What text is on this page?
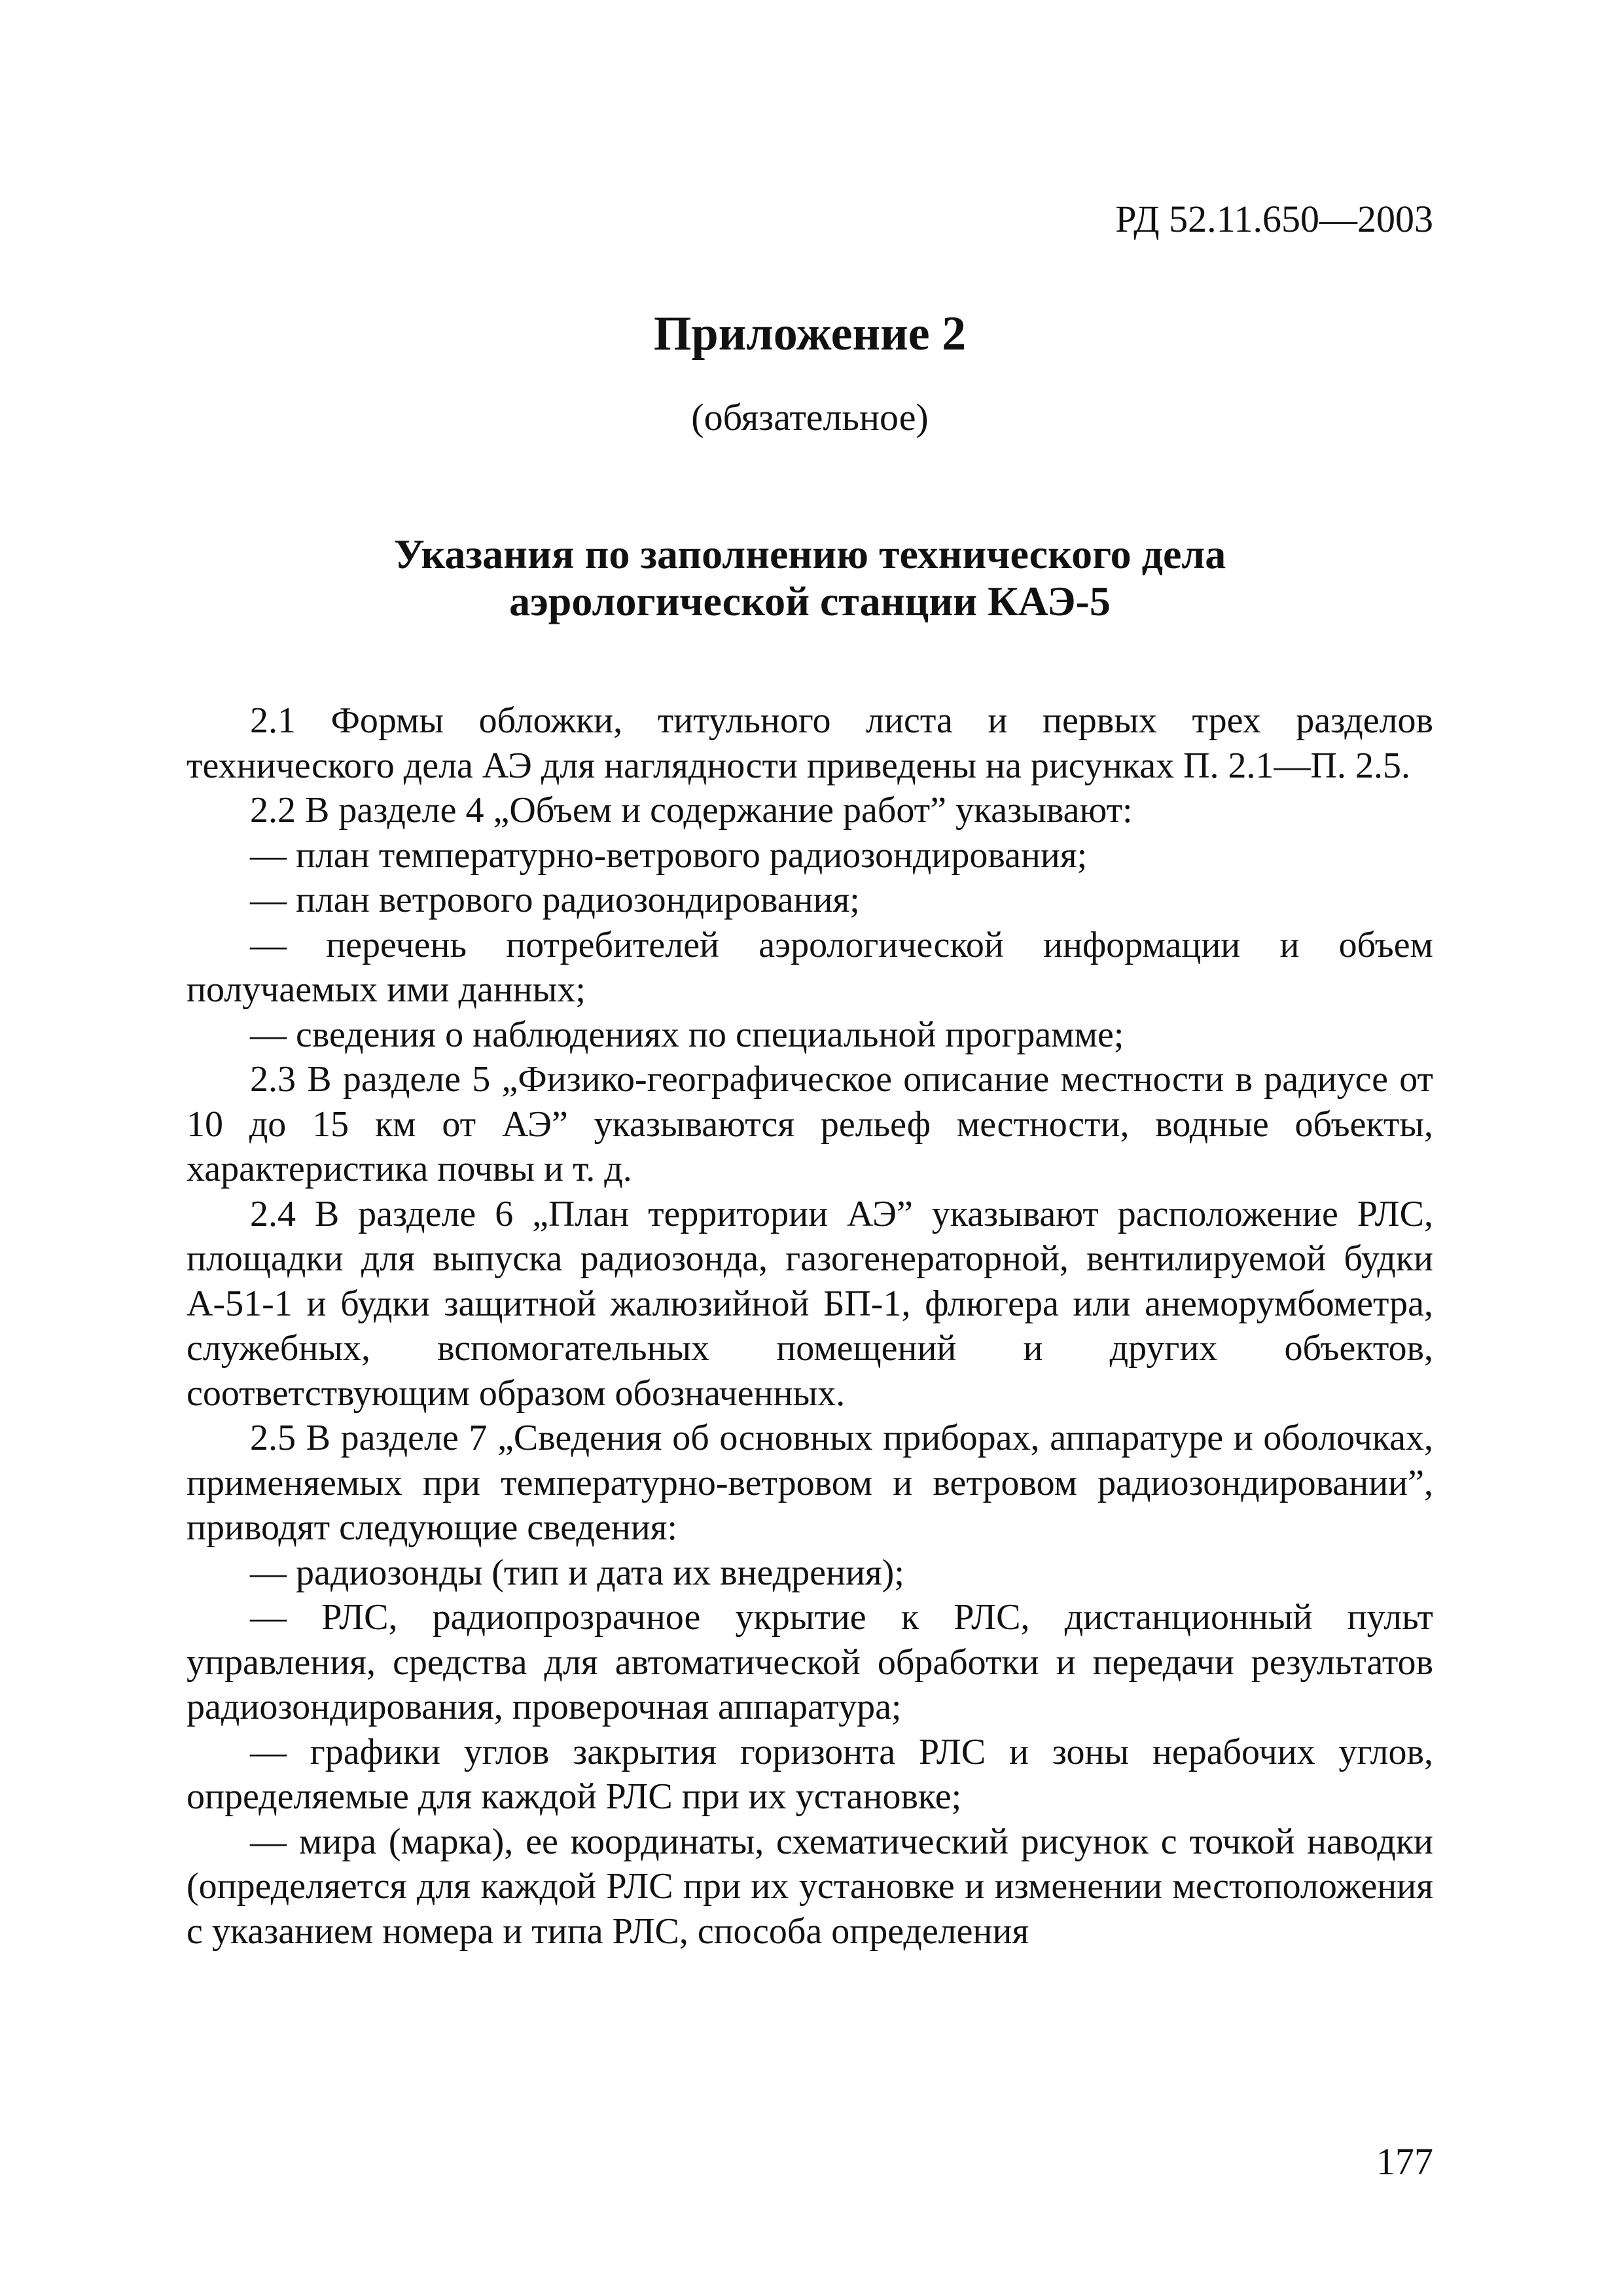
РД 52.11.650—2003

Приложение 2

(обязательное)

Указания по заполнению технического дела
аэрологической станции КАЭ-5

2.1 Формы обложки, титульного листа и первых трех разделов технического дела АЭ для наглядности приведены на рисунках П. 2.1—П. 2.5.

2.2 В разделе 4 „Объем и содержание работ” указывают:

— план температурно-ветрового радиозондирования;

— план ветрового радиозондирования;

— перечень потребителей аэрологической информации и объем получаемых ими данных;

— сведения о наблюдениях по специальной программе;

2.3 В разделе 5 „Физико-географическое описание местности в радиусе от 10 до 15 км от АЭ” указываются рельеф местности, водные объекты, характеристика почвы и т. д.

2.4 В разделе 6 „План территории АЭ” указывают расположение РЛС, площадки для выпуска радиозонда, газогенераторной, вентилируемой будки А-51-1 и будки защитной жалюзийной БП-1, флюгера или анеморумбометра, служебных, вспомогательных помещений и других объектов, соответствующим образом обозначенных.

2.5 В разделе 7 „Сведения об основных приборах, аппаратуре и оболочках, применяемых при температурно-ветровом и ветровом радиозондировании”, приводят следующие сведения:

— радиозонды (тип и дата их внедрения);

— РЛС, радиопрозрачное укрытие к РЛС, дистанционный пульт управления, средства для автоматической обработки и передачи результатов радиозондирования, проверочная аппаратура;

— графики углов закрытия горизонта РЛС и зоны нерабочих углов, определяемые для каждой РЛС при их установке;

— мира (марка), ее координаты, схематический рисунок с точкой наводки (определяется для каждой РЛС при их установке и изменении местоположения с указанием номера и типа РЛС, способа определения

177
